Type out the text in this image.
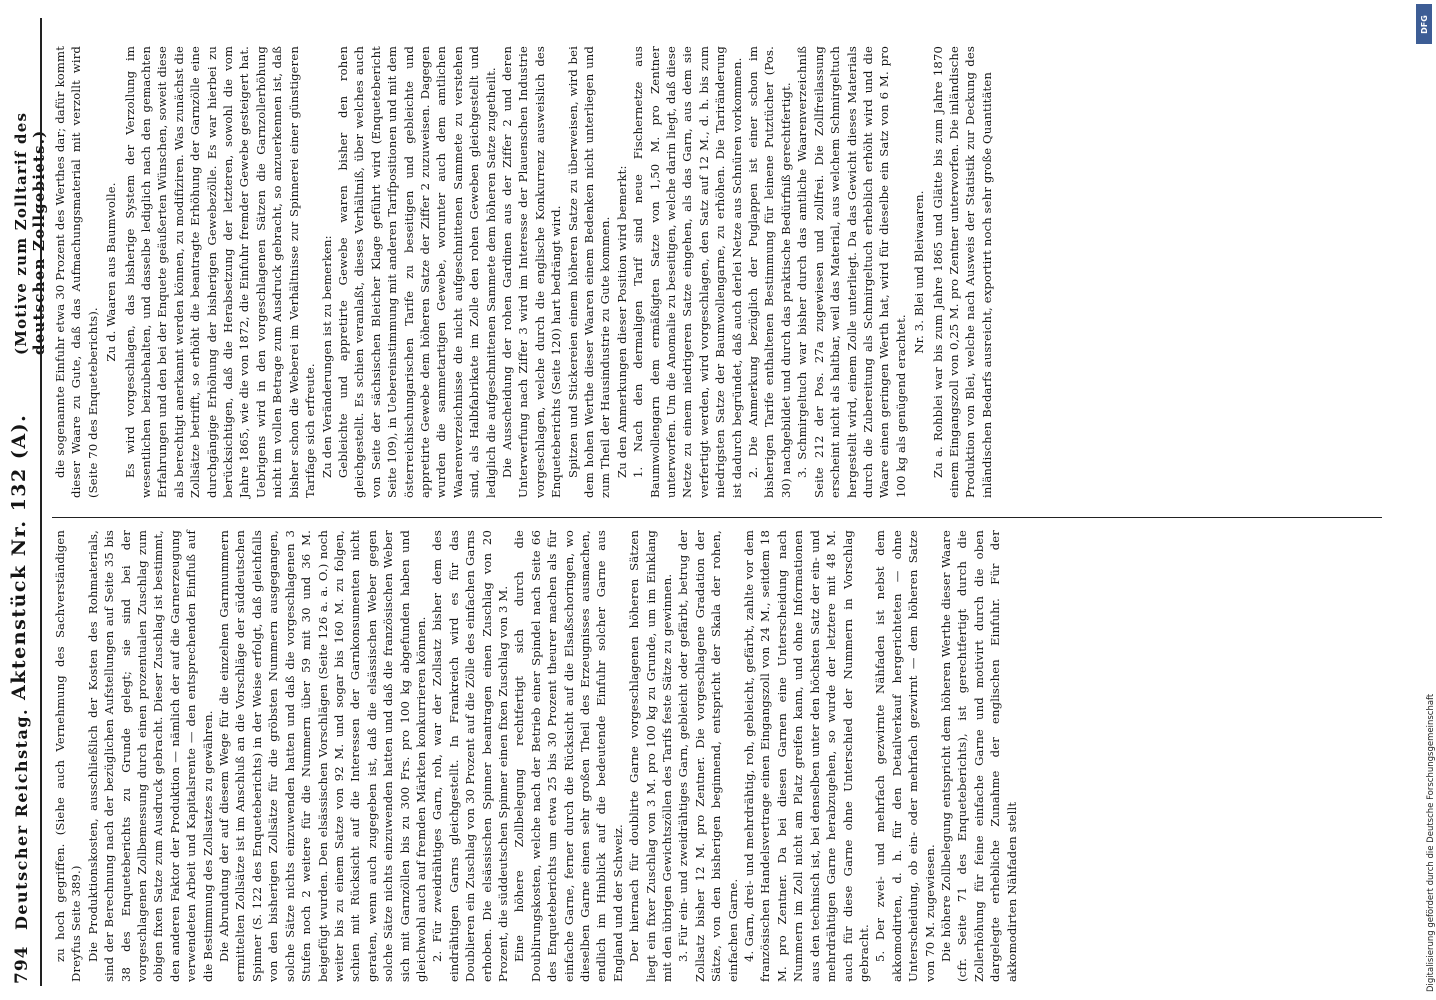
794
Deutscher Reichstag.
Aktenstück Nr. 132 (A).
(Motive zum Zolltarif des deutschen Zollgebiets.)

zu hoch gegriffen. (Siehe auch Vernehmung des Sachverständigen Dreyfus Seite 389.) Die Produktionskosten, ausschließlich der Kosten des Rohmaterials, sind der Berechnung nach der bezüglichen Aufstellungen auf Seite 35 bis 38 des Enqueteberichts zu Grunde gelegt; sie sind bei der vorgeschlagenen Zollbemessung durch einen prozentualen Zuschlag zum obigen fixen Satze zum Ausdruck gebracht. Dieser Zuschlag ist bestimmt, den anderen Faktor der Produktion — nämlich der auf die Garnerzeugung verwendeten Arbeit und Kapitalsrente — den entsprechenden Einfluß auf die Bestimmung des Zollsatzes zu gewähren. Die Abrundung der auf diesem Wege für die einzelnen Garnnummern ermittelten Zollsätze ist im Anschluß an die Vorschläge der süddeutschen Spinner (S. 122 des Enqueteberichts) in der Weise erfolgt, daß gleichfalls von den bisherigen Zollsätze für die gröbsten Nummern ausgegangen, solche Sätze nichts einzuwenden hatten und daß die vorgeschlagenen 3 Stufen noch 2 weitere für die Nummern über 59 mit 30 und 36 M. beigefügt wurden. Den elsässischen Vorschlägen (Seite 126 a. a. O.) noch weiter bis zu einem Satze von 92 M. und sogar bis 160 M. zu folgen, schien mit Rücksicht auf die Interessen der Garnkonsumenten nicht geraten, wenn auch zugegeben ist, daß die elsässischen Weber gegen solche Sätze nichts einzuwenden hatten und daß die französischen Weber sich mit Garnzöllen bis zu 300 Frs. pro 100 kg abgefunden haben und gleichwohl auch auf fremden Märkten konkurrieren können. 2. Für zweidrähtiges Garn, roh, war der Zollsatz bisher dem des eindrähtigen Garns gleichgestellt. In Frankreich wird es für das Doublieren ein Zuschlag von 30 Prozent auf die Zölle des einfachen Garns erhoben. Die elsässischen Spinner beantragen einen Zuschlag von 20 Prozent, die süddeutschen Spinner einen fixen Zuschlag von 3 M. Eine höhere Zollbelegung rechtfertigt sich durch die Doublirungskosten, welche nach der Betrieb einer Spindel nach Seite 66 des Enqueteberichts um etwa 25 bis 30 Prozent theurer machen als für einfache Garne, ferner durch die Rücksicht auf die Elsaßschoringen, wo dieselben Garne einen sehr großen Theil des Erzeugnisses ausmachen, endlich im Hinblick auf die bedeutende Einfuhr solcher Garne aus England und der Schweiz. Der hiernach für doublirte Garne vorgeschlagenen höheren Sätzen liegt ein fixer Zuschlag von 3 M. pro 100 kg zu Grunde, um im Einklang mit den übrigen Gewichtszöllen des Tarifs feste Sätze zu gewinnen. 3. Für ein- und zweidrähtiges Garn, gebleicht oder gefärbt, betrug der Zollsatz bisher 12 M. pro Zentner. Die vorgeschlagene Gradation der Sätze, von den bisherigen beginnend, entspricht der Skala der rohen, einfachen Garne. 4. Garn, drei- und mehrdrähtig, roh, gebleicht, gefärbt, zahlte vor dem französischen Handelsvertrage einen Eingangszoll von 24 M., seitdem 18 M. pro Zentner. Da bei diesen Garnen eine Unterscheidung nach Nummern im Zoll nicht am Platz greifen kann, und ohne Informationen aus den technisch ist, bei denselben unter den höchsten Satz der ein- und mehrdrähtigen Garne herabzugehen, so wurde der letztere mit 48 M. auch für diese Garne ohne Unterschied der Nummern in Vorschlag gebracht. 5. Der zwei- und mehrfach gezwirnte Nähfaden ist nebst dem akkomodirten, d. h. für den Detailverkauf hergerichteten — ohne Unterscheidung, ob ein- oder mehrfach gezwirnt — dem höheren Satze von 70 M. zugewiesen. Die höhere Zollbelegung entspricht dem höheren Werthe dieser Waare (cfr. Seite 71 des Enqueteberichts), ist gerechtfertigt durch die Zollerhöhung für feine einfache Garne und motivirt durch die oben dargelegte erhebliche Zunahme der englischen Einfuhr. Für der akkomodirten Nähfaden stellt

die sogenannte Einfuhr etwa 30 Prozent des Werthes dar; dafür kommt dieser Waare zu Gute, daß das Aufmachungsmaterial mit verzollt wird (Seite 70 des Enqueteberichts).

Zu d. Waaren aus Baumwolle. Es wird vorgeschlagen, das bisherige System der Verzollung im wesentlichen beizubehalten, und dasselbe lediglich nach den gemachten Erfahrungen und den bei der Enquete geäußerten Wünschen, soweit diese als berechtigt anerkannt werden können, zu modifiziren. Was zunächst die Zollsätze betrifft, so erhöht die beantragte Erhöhung der Garnzölle eine durchgängige Erhöhung der bisherigen Gewebezölle. Es war hierbei zu berücksichtigen, daß die Herabsetzung der letzteren, sowohl die vom Jahre 1865, wie die von 1872, die Einfuhr fremder Gewebe gesteigert hat. Uebrigens wird in den vorgeschlagenen Sätzen die Garnzollerhöhung nicht im vollen Betrage zum Ausdruck gebracht, so anzuerkennen ist, daß bisher schon die Weberei im Verhältnisse zur Spinnerei einer günstigeren Tarifage sich erfreute. Zu den Veränderungen ist zu bemerken: Gebleichte und appretirte Gewebe waren bisher den rohen gleichgestellt. Es schien veranlaßt, dieses Verhältniß, über welches auch von Seite der sächsischen Bleicher Klage geführt wird (Enquetebericht Seite 109), in Uebereinstimmung mit anderen Tarifpositionen und mit dem österreichischungarischen Tarife zu beseitigen und gebleichte und appretirte Gewebe dem höheren Satze der Ziffer 2 zuzuweisen. Dagegen wurden die sammetartigen Gewebe, worunter auch dem amtlichen Waarenverzeichnisse die nicht aufgeschnittenen Sammete zu verstehen sind, als Halbfabrikate im Zolle den rohen Geweben gleichgestellt und lediglich die aufgeschnittenen Sammete dem höheren Satze zugetheilt. Die Ausscheidung der rohen Gardinen aus der Ziffer 2 und deren Unterwerfung nach Ziffer 3 wird im Interesse der Plauenschen Industrie vorgeschlagen, welche durch die englische Konkurrenz ausweislich des Enqueteberichts (Seite 120) hart bedrängt wird. Spitzen und Stickereien einem höheren Satze zu überweisen, wird bei dem hohen Werthe dieser Waaren einem Bedenken nicht unterliegen und zum Theil der Hausindustrie zu Gute kommen. Zu den Anmerkungen dieser Position wird bemerkt: 1. Nach den dermaligen Tarif sind neue Fischernetze aus Baumwollengarn dem ermäßigten Satze von 1,50 M. pro Zentner unterworfen. Um die Anomalie zu beseitigen, welche darin liegt, daß diese Netze zu einem niedrigeren Satze eingehen, als das Garn, aus dem sie verfertigt werden, wird vorgeschlagen, den Satz auf 12 M., d. h. bis zum niedrigsten Satze der Baumwollengarne, zu erhöhen. Die Tariränderung ist dadurch begründet, daß auch derlei Netze aus Schnüren vorkommen. 2. Die Anmerkung bezüglich der Puglappen ist einer schon im bisherigen Tarife enthaltenen Bestimmung für leinene Putztücher (Pos. 30) nachgebildet und durch das praktische Bedürfniß gerechtfertigt. 3. Schmirgeltuch war bisher durch das amtliche Waarenverzeichniß Seite 212 der Pos. 27a zugewiesen und zollfrei. Die Zollfreilassung erscheint nicht als haltbar, weil das Material, aus welchem Schmirgeltuch hergestellt wird, einem Zolle unterliegt. Da das Gewicht dieses Materials durch die Zubereitung als Schmirgeltuch erheblich erhöht wird und die Waare einen geringen Werth hat, wird für dieselbe ein Satz von 6 M. pro 100 kg als genügend erachtet.

Nr. 3. Blei und Bleiwaaren. Zu a. Rohblei war bis zum Jahre 1865 und Glätte bis zum Jahre 1870 einem Eingangszoll von 0,25 M. pro Zentner unterworfen. Die inländische Produktion von Blei, welche nach Ausweis der Statistik zur Deckung des inländischen Bedarfs ausreicht, exportirt noch sehr große Quantitäten

Digitalisierung gefördert durch die Deutsche Forschungsgemeinschaft
DFG
